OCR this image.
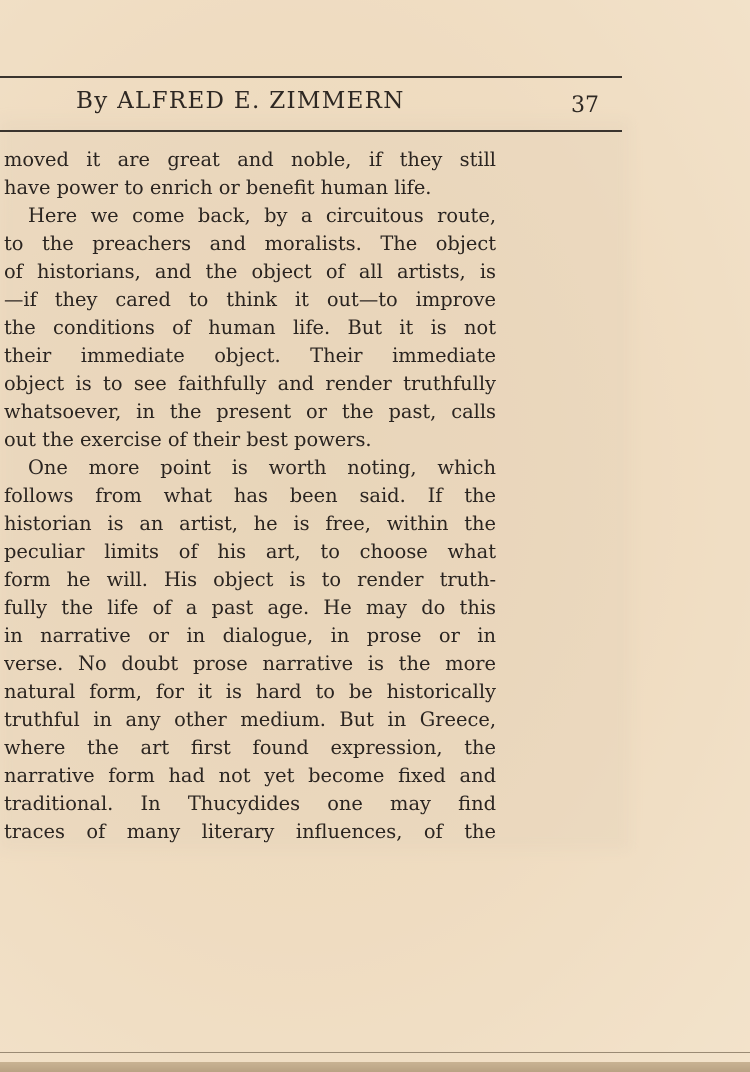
By ALFRED E. ZIMMERN	37
moved it are great and noble, if they still
have power to enrich or benefit human life.
Here we come back, by a circuitous route,
to the preachers and moralists. The object
of historians, and the object of all artists, is
—if they cared to think it out—to improve
the conditions of human life. But it is not
their immediate object. Their immediate
object is to see faithfully and render truthfully
whatsoever, in the present or the past, calls
out the exercise of their best powers.
One more point is worth noting, which
follows from what has been said. If the
historian is an artist, he is free, within the
peculiar limits of his art, to choose what
form he will. His object is to render truth-
fully the life of a past age. He may do this
in narrative or in dialogue, in prose or in
verse. No doubt prose narrative is the more
natural form, for it is hard to be historically
truthful in any other medium. But in Greece,
where the art first found expression, the
narrative form had not yet become fixed and
traditional. In Thucydides one may find
traces of many literary influences, of the
